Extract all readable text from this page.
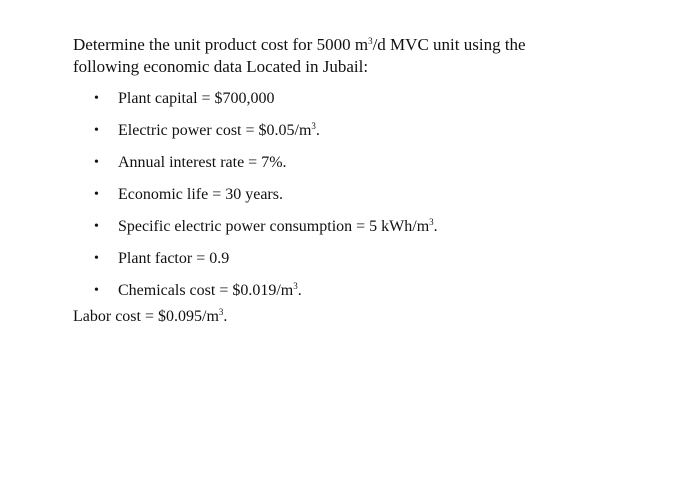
Determine the unit product cost for 5000 $m^3/d$ MVC unit using the
following economic data Located in Jubail:

• Plant capital = $700,000
• Electric power $\cos t = \$0.05/m^3$.
• Annual interest rate = 7%.
• Economic life = 30 years.
• Specific electric power consumption = 5 kWh/$m^3$.
• Plant factor = 0.9
• Chemicals $\cos t = \$0.019/m^3$.

Labor $\cos t = \$0.095/m^3$.
